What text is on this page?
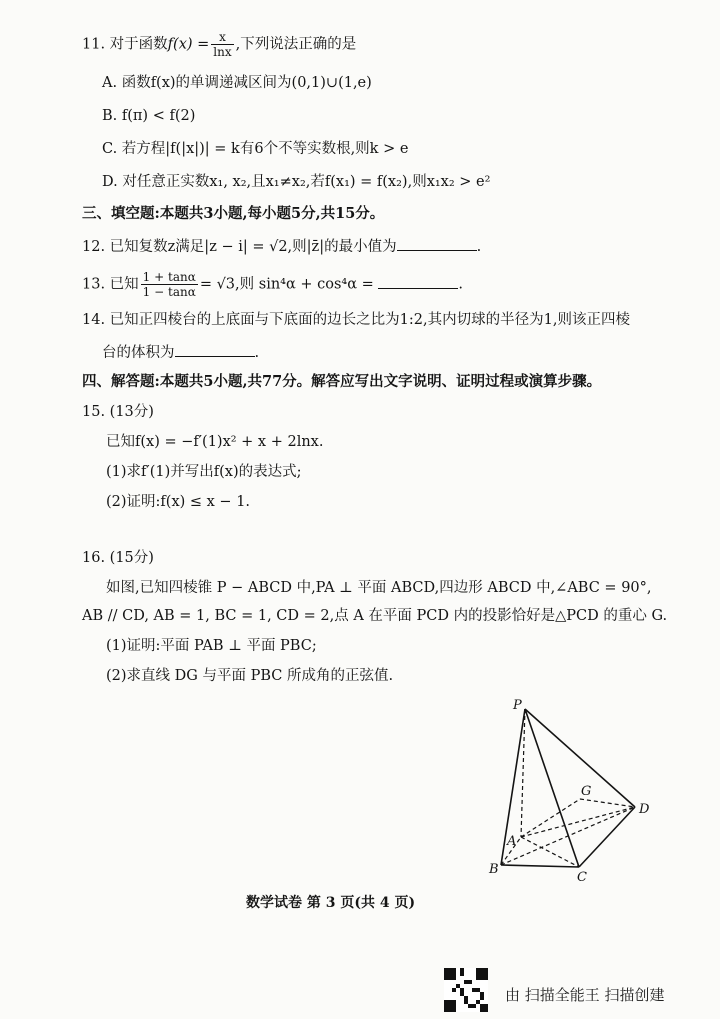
11. 对于函数$f(x) = \frac{x}{\ln x}$ ,下列说法正确的是
A. 函数f(x)的单调递减区间为(0,1)∪(1,e)
B. f(π) < f(2)
C. 若方程|f(|x|)| = k有6个不等实数根,则k > e
D. 对任意正实数x₁, x₂,且x₁≠x₂,若f(x₁) = f(x₂),则x₁x₂ > e²
三、填空题:本题共3小题,每小题5分,共15分。
12. 已知复数z满足|z − i| = √2,则|z̄|的最小值为	.
13. 已知 $\frac{1 + \tan\alpha}{1 - \tan\alpha} = √3$,则 sin⁴α + cos⁴α =	.
14. 已知正四棱台的上底面与下底面的边长之比为1:2,其内切球的半径为1,则该正四棱
台的体积为	.
四、解答题:本题共5小题,共77分。解答应写出文字说明、证明过程或演算步骤。
15. (13分)
已知f(x) = −f′(1)x² + x + 2lnx.
(1)求f′(1)并写出f(x)的表达式;
(2)证明:f(x) ≤ x − 1.
16. (15分)
如图,已知四棱锥 P − ABCD 中,PA ⊥ 平面 ABCD,四边形 ABCD 中,∠ABC = 90°,
AB // CD, AB = 1, BC = 1, CD = 2,点 A 在平面 PCD 内的投影恰好是△PCD 的重心 G.
(1)证明:平面 PAB ⊥ 平面 PBC;
(2)求直线 DG 与平面 PBC 所成角的正弦值.
P
A
B
C
D
G
数学试卷 第 3 页(共 4 页)
由 扫描全能王 扫描创建
